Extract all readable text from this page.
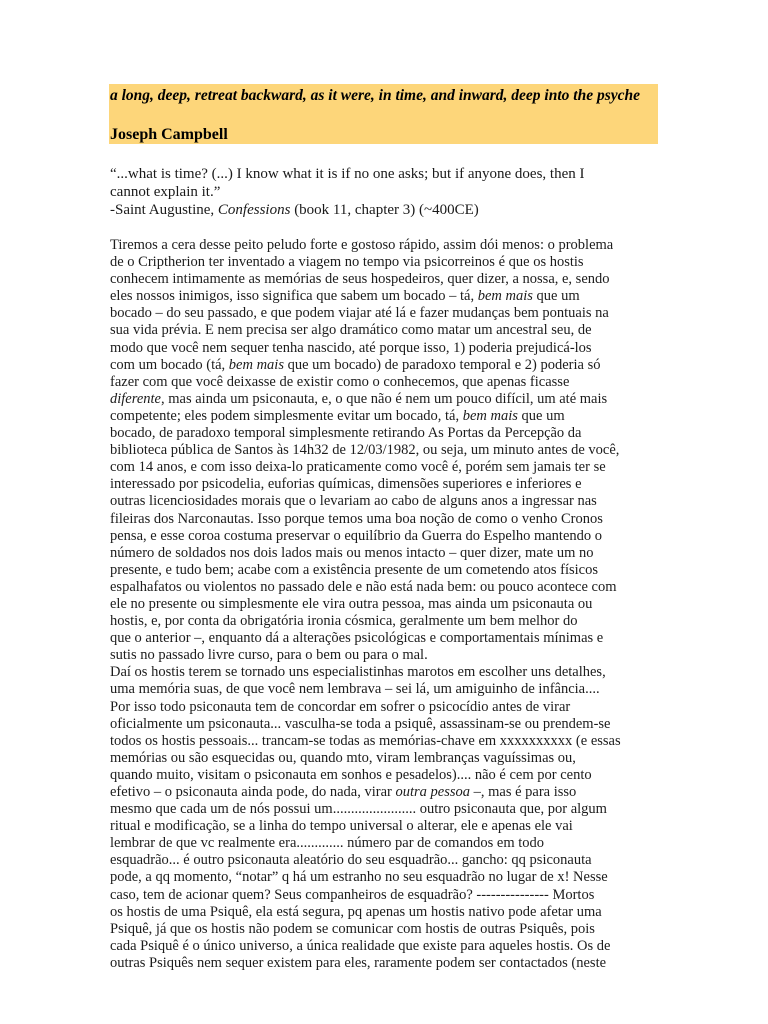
a long, deep, retreat backward, as it were, in time, and inward, deep into the psyche
Joseph Campbell
“...what is time? (...) I know what it is if no one asks; but if anyone does, then I
cannot explain it.”
-Saint Augustine, Confessions (book 11, chapter 3) (~400CE)
Tiremos a cera desse peito peludo forte e gostoso rápido, assim dói menos: o problema
de o Criptherion ter inventado a viagem no tempo via psicorreinos é que os hostis
conhecem intimamente as memórias de seus hospedeiros, quer dizer, a nossa, e, sendo
eles nossos inimigos, isso significa que sabem um bocado – tá, bem mais que um
bocado – do seu passado, e que podem viajar até lá e fazer mudanças bem pontuais na
sua vida prévia. E nem precisa ser algo dramático como matar um ancestral seu, de
modo que você nem sequer tenha nascido, até porque isso, 1) poderia prejudicá-los
com um bocado (tá, bem mais que um bocado) de paradoxo temporal e 2) poderia só
fazer com que você deixasse de existir como o conhecemos, que apenas ficasse
diferente, mas ainda um psiconauta, e, o que não é nem um pouco difícil, um até mais
competente; eles podem simplesmente evitar um bocado, tá, bem mais que um
bocado, de paradoxo temporal simplesmente retirando As Portas da Percepção da
biblioteca pública de Santos às 14h32 de 12/03/1982, ou seja, um minuto antes de você,
com 14 anos, e com isso deixa-lo praticamente como você é, porém sem jamais ter se
interessado por psicodelia, euforias químicas, dimensões superiores e inferiores e
outras licenciosidades morais que o levariam ao cabo de alguns anos a ingressar nas
fileiras dos Narconautas. Isso porque temos uma boa noção de como o venho Cronos
pensa, e esse coroa costuma preservar o equilíbrio da Guerra do Espelho mantendo o
número de soldados nos dois lados mais ou menos intacto – quer dizer, mate um no
presente, e tudo bem; acabe com a existência presente de um cometendo atos físicos
espalhafatos ou violentos no passado dele e não está nada bem: ou pouco acontece com
ele no presente ou simplesmente ele vira outra pessoa, mas ainda um psiconauta ou
hostis, e, por conta da obrigatória ironia cósmica, geralmente um bem melhor do
que o anterior –, enquanto dá a alterações psicológicas e comportamentais mínimas e
sutis no passado livre curso, para o bem ou para o mal.
Daí os hostis terem se tornado uns especialistinhas marotos em escolher uns detalhes,
uma memória suas, de que você nem lembrava – sei lá, um amiguinho de infância....
Por isso todo psiconauta tem de concordar em sofrer o psicocídio antes de virar
oficialmente um psiconauta... vasculha-se toda a psiquê, assassinam-se ou prendem-se
todos os hostis pessoais... trancam-se todas as memórias-chave em xxxxxxxxxx (e essas
memórias ou são esquecidas ou, quando mto, viram lembranças vaguíssimas ou,
quando muito, visitam o psiconauta em sonhos e pesadelos).... não é cem por cento
efetivo – o psiconauta ainda pode, do nada, virar outra pessoa –, mas é para isso
mesmo que cada um de nós possui um....................... outro psiconauta que, por algum
ritual e modificação, se a linha do tempo universal o alterar, ele e apenas ele vai
lembrar de que vc realmente era............. número par de comandos em todo
esquadrão... é outro psiconauta aleatório do seu esquadrão... gancho: qq psiconauta
pode, a qq momento, “notar” q há um estranho no seu esquadrão no lugar de x! Nesse
caso, tem de acionar quem? Seus companheiros de esquadrão? --------------- Mortos
os hostis de uma Psiquê, ela está segura, pq apenas um hostis nativo pode afetar uma
Psiquê, já que os hostis não podem se comunicar com hostis de outras Psiquês, pois
cada Psiquê é o único universo, a única realidade que existe para aqueles hostis. Os de
outras Psiquês nem sequer existem para eles, raramente podem ser contactados (neste
